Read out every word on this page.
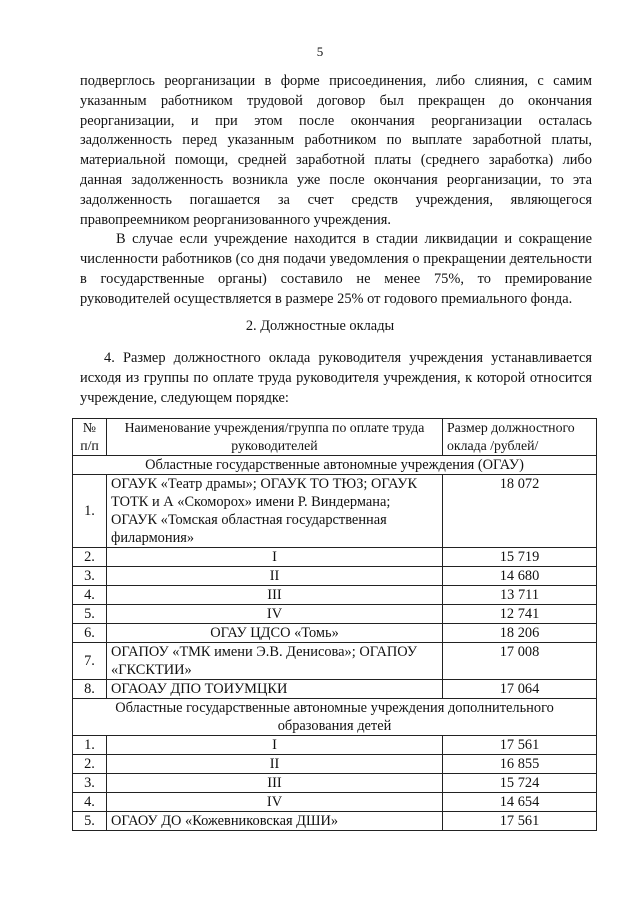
5

подверглось реорганизации в форме присоединения, либо слияния, с самим указанным работником трудовой договор был прекращен до окончания реорганизации, и при этом после окончания реорганизации осталась задолженность перед указанным работником по выплате заработной платы, материальной помощи, средней заработной платы (среднего заработка) либо данная задолженность возникла уже после окончания реорганизации, то эта задолженность погашается за счет средств учреждения, являющегося правопреемником реорганизованного учреждения.

В случае если учреждение находится в стадии ликвидации и сокращение численности работников (со дня подачи уведомления о прекращении деятельности в государственные органы) составило не менее 75%, то премирование руководителей осуществляется в размере 25% от годового премиального фонда.

2. Должностные оклады
4. Размер должностного оклада руководителя учреждения устанавливается исходя из группы по оплате труда руководителя учреждения, к которой относится учреждение, следующем порядке:
№ п/п	Наименование учреждения/группа по оплате труда руководителей	Размер должностного оклада /рублей/
Областные государственные автономные учреждения (ОГАУ)		
1.	ОГАУК «Театр драмы»; ОГАУК ТО ТЮЗ; ОГАУК ТОТК и А «Скоморох» имени Р. Виндермана; ОГАУК «Томская областная государственная филармония»	18 072
2.	I	15 719
3.	II	14 680
4.	III	13 711
5.	IV	12 741
6.	ОГАУ ЦДСО «Томь»	18 206
7.	ОГАПОУ «ТМК имени Э.В. Денисова»; ОГАПОУ «ГКСКТИИ»	17 008
8.	ОГАОАУ ДПО ТОИУМЦКИ	17 064
Областные государственные автономные учреждения дополнительного образования детей		
1.	I	17 561
2.	II	16 855
3.	III	15 724
4.	IV	14 654
5.	ОГАОУ ДО «Кожевниковская ДШИ»	17 561
